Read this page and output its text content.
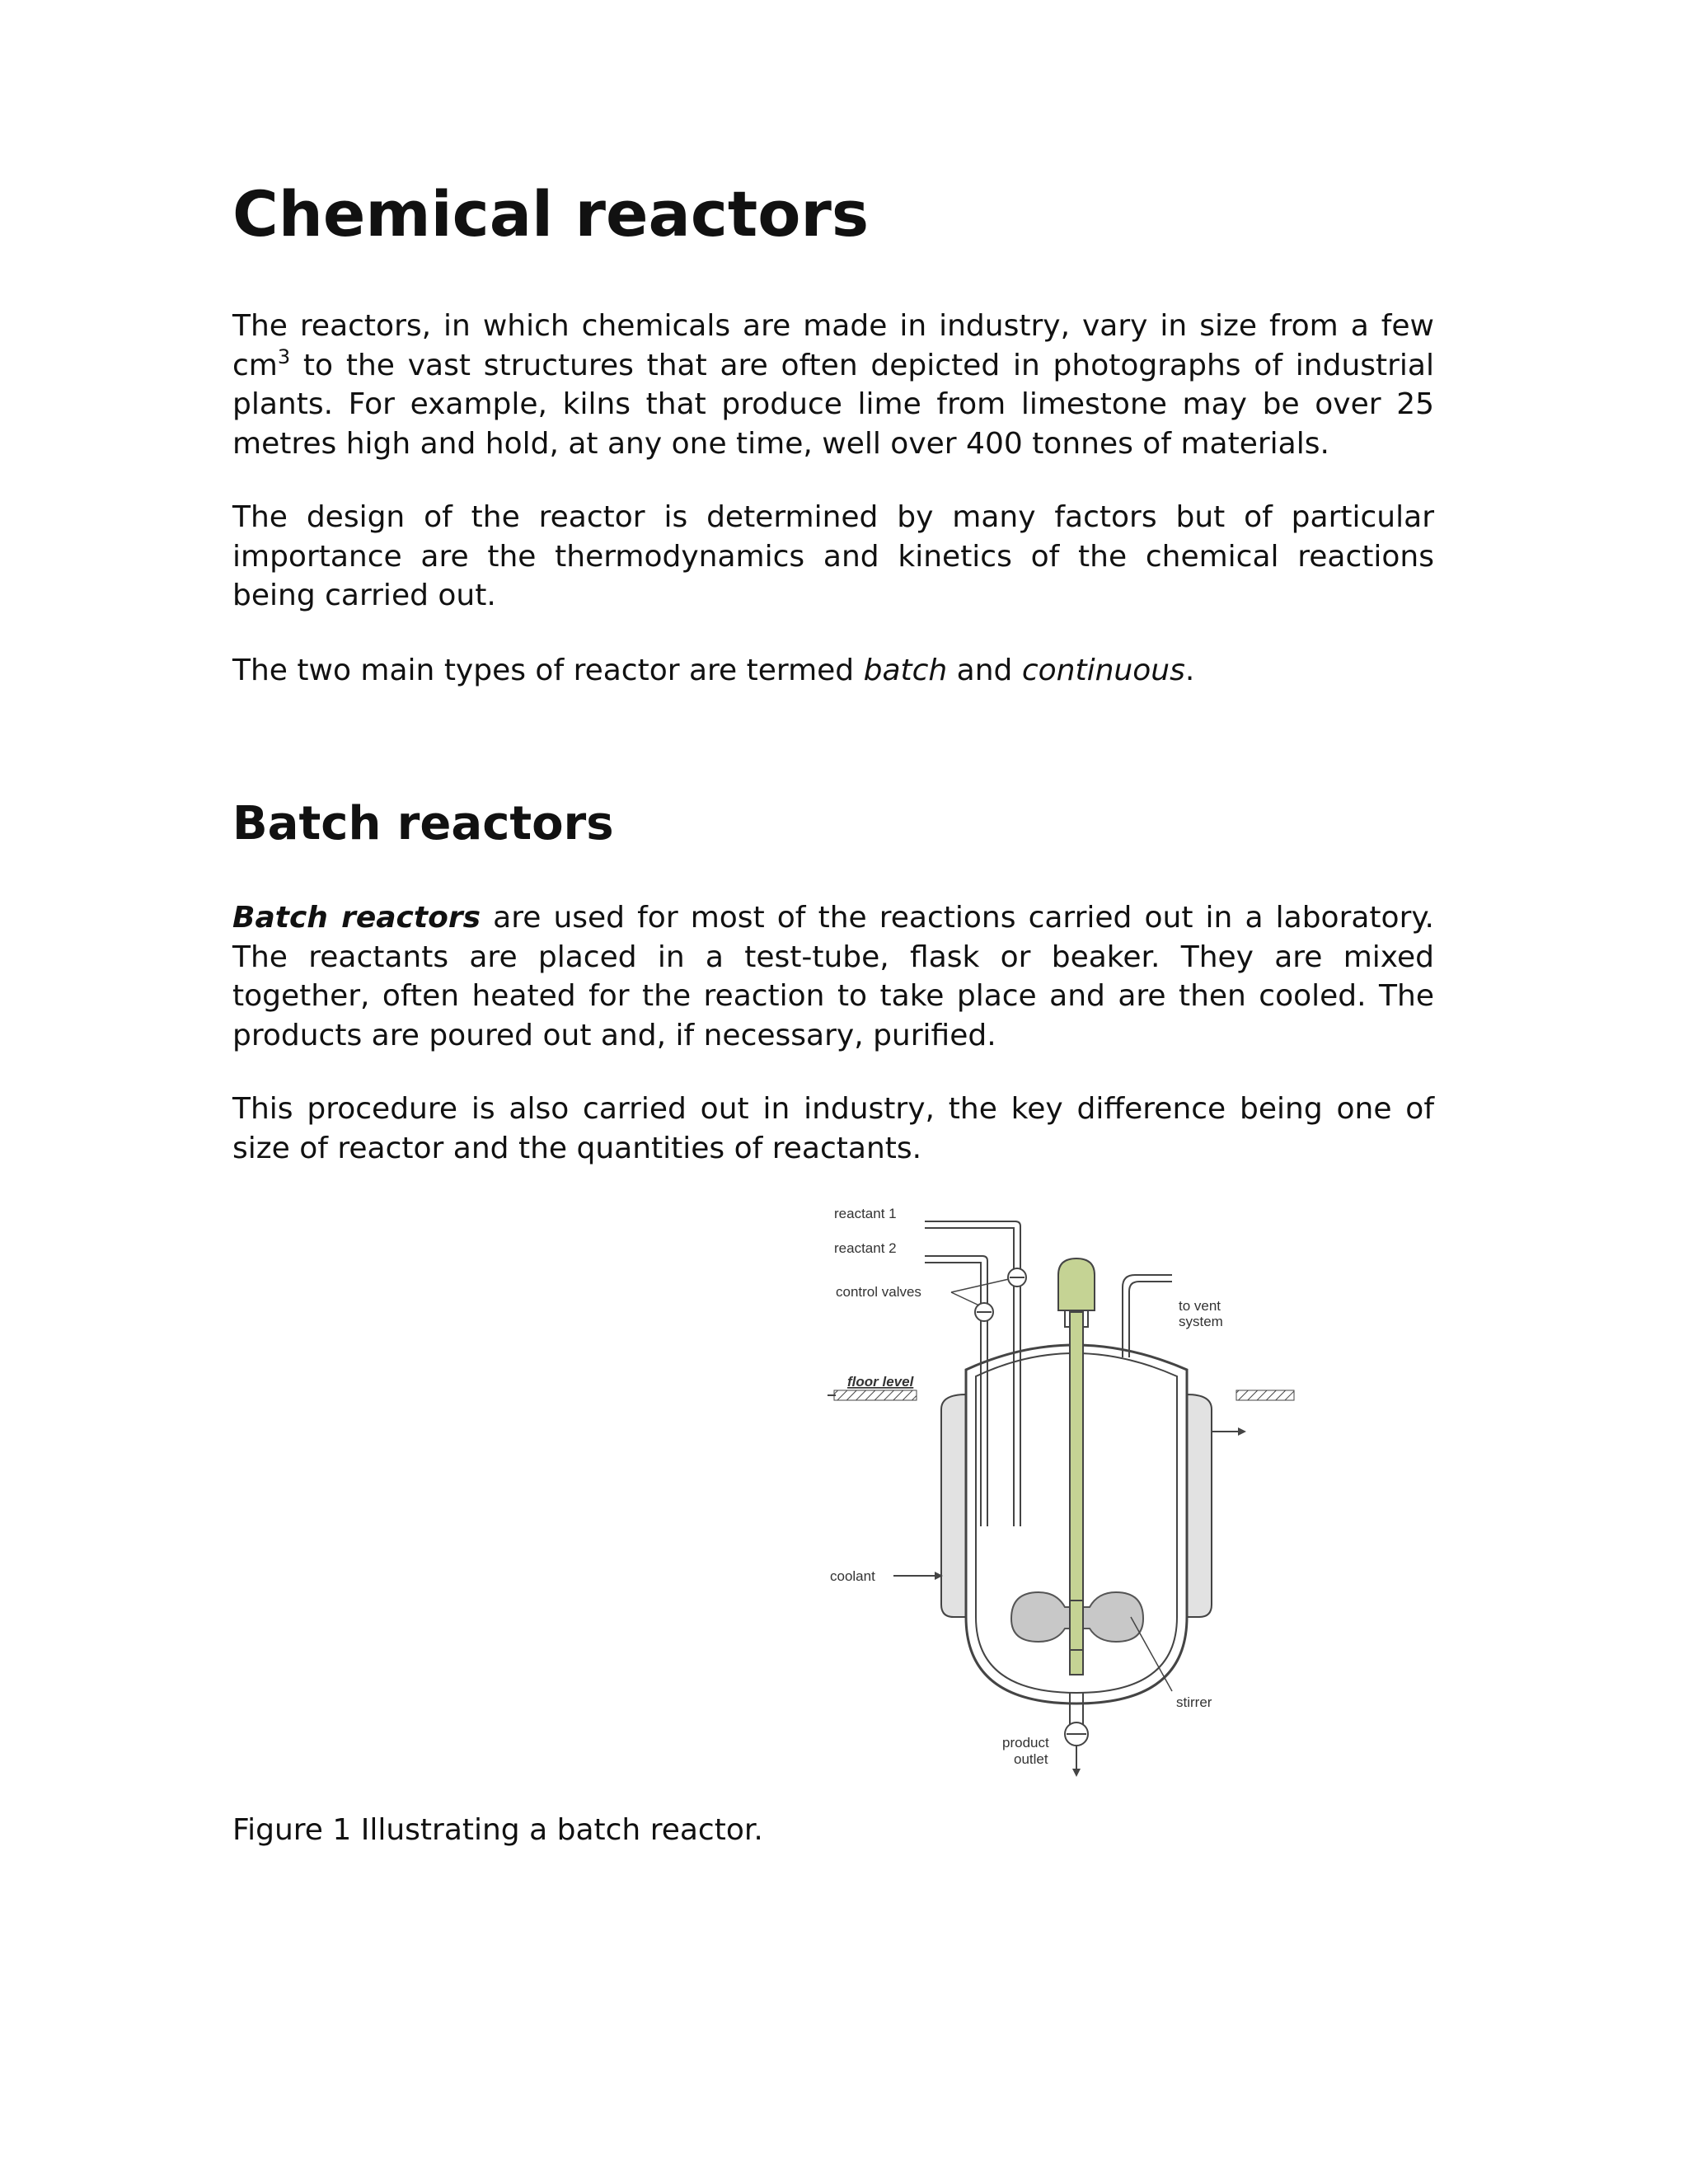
Chemical reactors

The reactors, in which chemicals are made in industry, vary in size from a few $cm^3$ to the vast structures that are often depicted in photographs of industrial plants. For example, kilns that produce lime from limestone may be over 25 metres high and hold, at any one time, well over 400 tonnes of materials.

The design of the reactor is determined by many factors but of particular importance are the thermodynamics and kinetics of the chemical reactions being carried out.

The two main types of reactor are termed batch and continuous.

Batch reactors

Batch reactors are used for most of the reactions carried out in a laboratory. The reactants are placed in a test-tube, flask or beaker. They are mixed together, often heated for the reaction to take place and are then cooled. The products are poured out and, if necessary, purified.

This procedure is also carried out in industry, the key difference being one of size of reactor and the quantities of reactants.

reactant 1
reactant 2
control valves
to vent
system
floor level
coolant
stirrer
product
outlet

Figure 1 Illustrating a batch reactor.
